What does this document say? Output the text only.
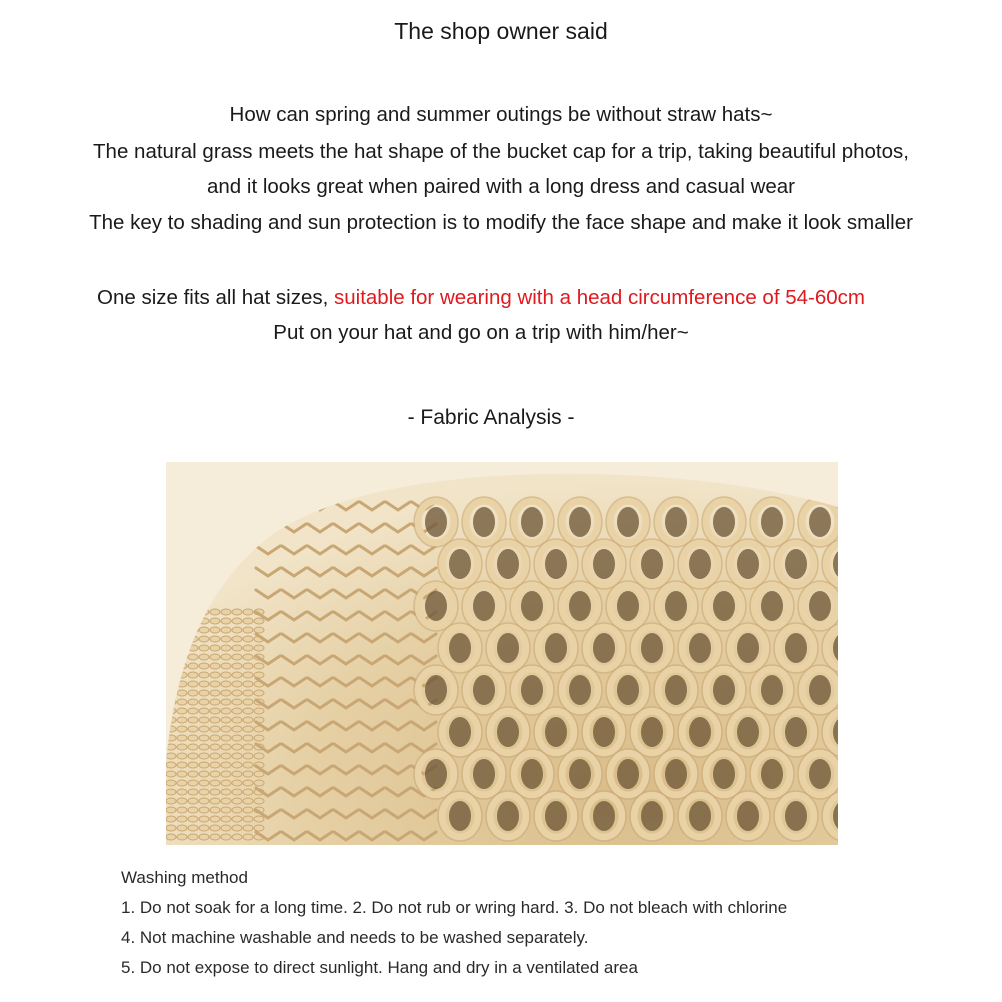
The shop owner said
How can spring and summer outings be without straw hats~
The natural grass meets the hat shape of the bucket cap for a trip, taking beautiful photos,
and it looks great when paired with a long dress and casual wear
The key to shading and sun protection is to modify the face shape and make it look smaller
One size fits all hat sizes, suitable for wearing with a head circumference of 54-60cm
Put on your hat and go on a trip with him/her~
- Fabric Analysis -
Washing method
1. Do not soak for a long time. 2. Do not rub or wring hard. 3. Do not bleach with chlorine
4. Not machine washable and needs to be washed separately.
5. Do not expose to direct sunlight. Hang and dry in a ventilated area
